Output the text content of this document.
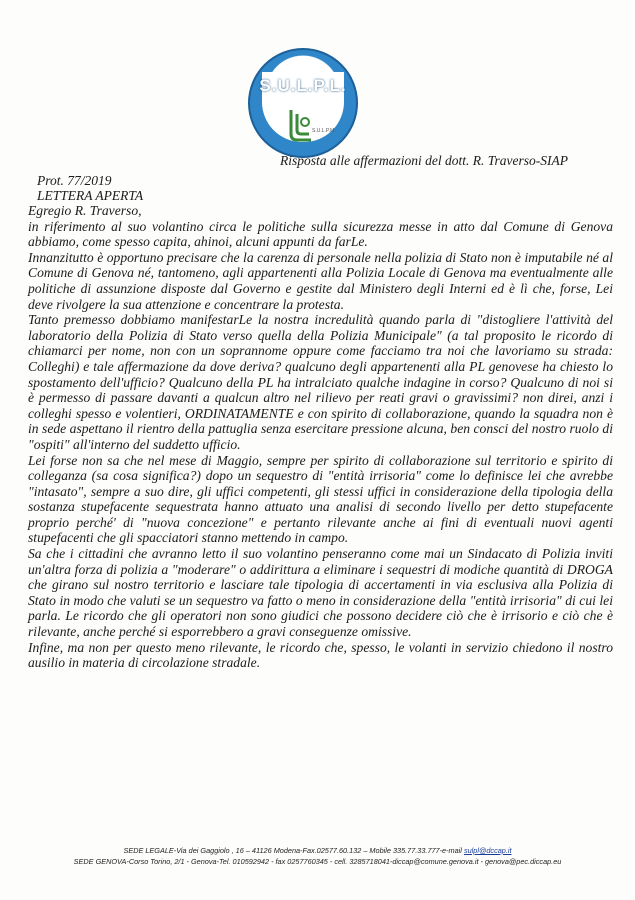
S.U.L.P.L.
S.U.L.P.M.
Risposta alle affermazioni del dott. R. Traverso-SIAP
Prot. 77/2019
LETTERA APERTA

Egregio R. Traverso,

in riferimento al suo volantino circa le politiche sulla sicurezza messe in atto dal Comune di Genova abbiamo, come spesso capita, ahinoi, alcuni appunti da farLe.

Innanzitutto è opportuno precisare che la carenza di personale nella polizia di Stato non è imputabile né al Comune di Genova né, tantomeno, agli appartenenti alla Polizia Locale di Genova ma eventualmente alle politiche di assunzione disposte dal Governo e gestite dal Ministero degli Interni ed è lì che, forse, Lei deve rivolgere la sua attenzione e concentrare la protesta.

Tanto premesso dobbiamo manifestarLe la nostra incredulità quando parla di "distogliere l'attività del laboratorio della Polizia di Stato verso quella della Polizia Municipale" (a tal proposito le ricordo di chiamarci per nome, non con un soprannome oppure come facciamo tra noi che lavoriamo su strada: Colleghi) e tale affermazione da dove deriva? qualcuno degli appartenenti alla PL genovese ha chiesto lo spostamento dell'ufficio? Qualcuno della PL ha intralciato qualche indagine in corso? Qualcuno di noi si è permesso di passare davanti a qualcun altro nel rilievo per reati gravi o gravissimi? non direi, anzi i colleghi spesso e volentieri, ORDINATAMENTE e con spirito di collaborazione, quando la squadra non è in sede aspettano il rientro della pattuglia senza esercitare pressione alcuna, ben consci del nostro ruolo di "ospiti" all'interno del suddetto ufficio.

Lei forse non sa che nel mese di Maggio, sempre per spirito di collaborazione sul territorio e spirito di colleganza (sa cosa significa?) dopo un sequestro di "entità irrisoria" come lo definisce lei che avrebbe "intasato", sempre a suo dire, gli uffici competenti, gli stessi uffici in considerazione della tipologia della sostanza stupefacente sequestrata hanno attuato una analisi di secondo livello per detto stupefacente proprio perché' di "nuova concezione" e pertanto rilevante anche ai fini di eventuali nuovi agenti stupefacenti che gli spacciatori stanno mettendo in campo.

Sa che i cittadini che avranno letto il suo volantino penseranno come mai un Sindacato di Polizia inviti un'altra forza di polizia a "moderare" o addirittura a eliminare i sequestri di modiche quantità di DROGA che girano sul nostro territorio e lasciare tale tipologia di accertamenti in via esclusiva alla Polizia di Stato in modo che valuti se un sequestro va fatto o meno in considerazione della "entità irrisoria" di cui lei parla. Le ricordo che gli operatori non sono giudici che possono decidere ciò che è irrisorio e ciò che è rilevante, anche perché si esporrebbero a gravi conseguenze omissive.

Infine, ma non per questo meno rilevante, le ricordo che, spesso, le volanti in servizio chiedono il nostro ausilio in materia di circolazione stradale.

SEDE LEGALE-Via dei Gaggiolo , 16 – 41126 Modena-Fax.02577.60.132 – Mobile 335.77.33.777-e-mail sulpl@dccap.it
SEDE GENOVA-Corso Torino, 2/1 - Genova-Tel. 010592942 - fax 0257760345 - cell. 3285718041-diccap@comune.genova.it - genova@pec.diccap.eu
